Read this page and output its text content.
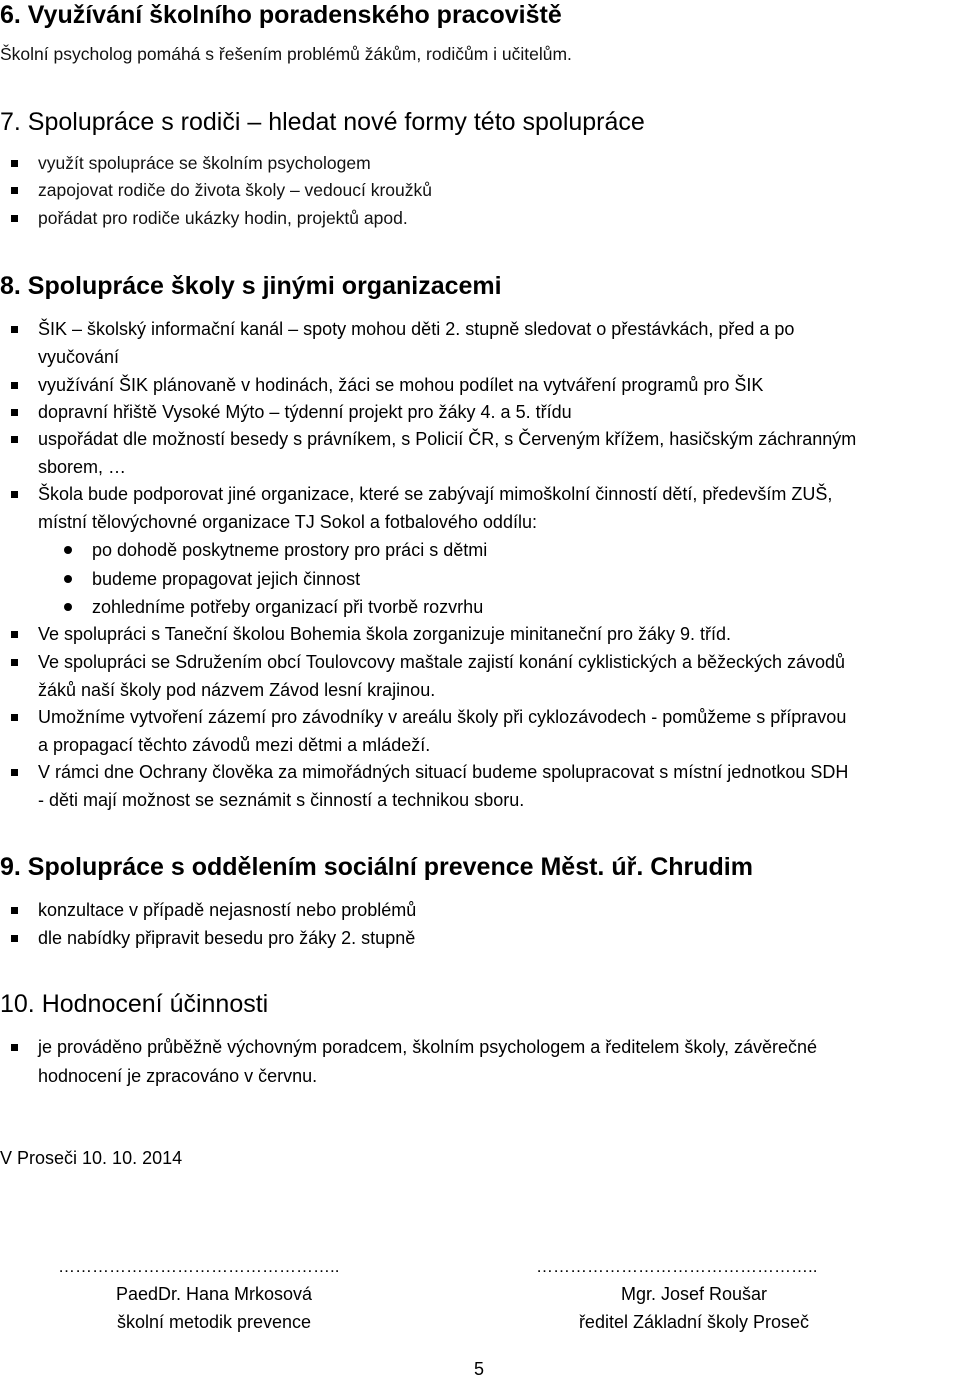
6. Využívání školního poradenského pracoviště
Školní psycholog pomáhá s řešením problémů žákům, rodičům i učitelům.
7. Spolupráce s rodiči – hledat nové formy této spolupráce
využít spolupráce se školním psychologem
zapojovat rodiče do života školy – vedoucí kroužků
pořádat pro rodiče ukázky hodin, projektů apod.
8. Spolupráce školy s jinými organizacemi
ŠIK – školský informační kanál – spoty mohou děti 2. stupně sledovat o přestávkách, před a po
vyučování
využívání ŠIK plánovaně v hodinách, žáci se mohou podílet na vytváření programů pro ŠIK
dopravní hřiště Vysoké Mýto – týdenní projekt pro žáky 4. a 5. třídu
uspořádat dle možností besedy s právníkem, s Policií ČR, s Červeným křížem, hasičským záchranným
sborem, …
Škola bude podporovat jiné organizace, které se zabývají mimoškolní činností dětí, především ZUŠ,
místní tělovýchovné organizace TJ Sokol a fotbalového oddílu:
po dohodě poskytneme prostory pro práci s dětmi
budeme propagovat jejich činnost
zohledníme potřeby organizací při tvorbě rozvrhu
Ve spolupráci s Taneční školou Bohemia škola zorganizuje minitaneční pro žáky 9. tříd.
Ve spolupráci se Sdružením obcí Toulovcovy maštale zajistí konání cyklistických a běžeckých závodů
žáků naší školy pod názvem Závod lesní krajinou.
Umožníme vytvoření zázemí pro závodníky v areálu školy při cyklozávodech - pomůžeme s přípravou
a propagací těchto závodů mezi dětmi a mládeží.
V rámci dne Ochrany člověka za mimořádných situací budeme spolupracovat s místní jednotkou SDH
- děti mají možnost se seznámit s činností a technikou sboru.
9. Spolupráce s oddělením sociální prevence Měst. úř. Chrudim
konzultace v případě nejasností nebo problémů
dle nabídky připravit besedu pro žáky 2. stupně
10. Hodnocení účinnosti
je prováděno průběžně výchovným poradcem, školním psychologem a ředitelem školy, závěrečné
hodnocení je zpracováno v červnu.
V Proseči 10. 10. 2014
…………………………………………..
PaedDr. Hana Mrkosová
školní metodik prevence
…………………………………………..
Mgr. Josef Roušar
ředitel Základní školy Proseč
5
